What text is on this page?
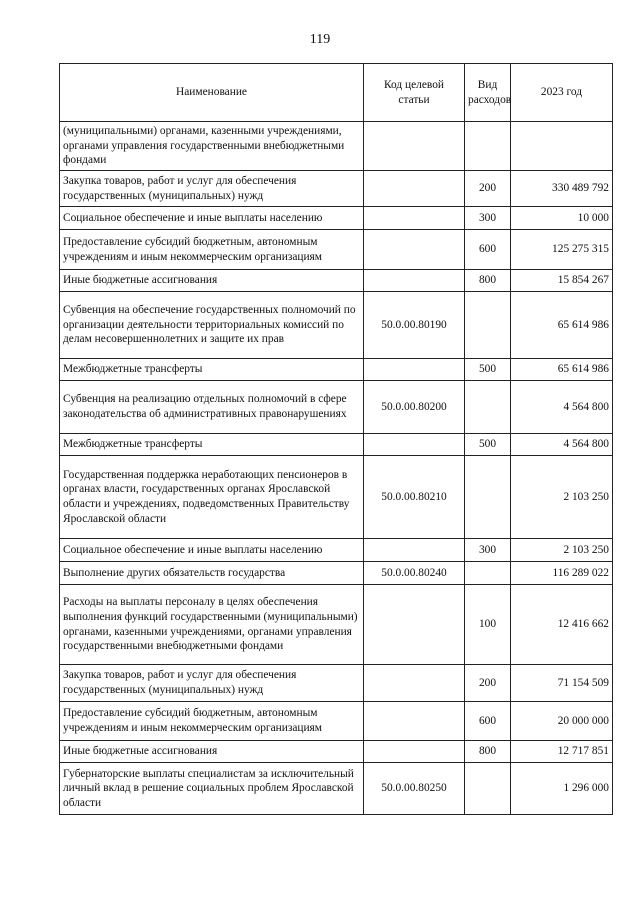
119
Наименование	Код целевой статьи	Вид расходов	2023 год
(муниципальными) органами, казенными учреждениями, органами управления государственными внебюджетными фондами			
Закупка товаров, работ и услуг для обеспечения государственных (муниципальных) нужд		200	330 489 792
Социальное обеспечение и иные выплаты населению		300	10 000
Предоставление субсидий бюджетным, автономным учреждениям и иным некоммерческим организациям		600	125 275 315
Иные бюджетные ассигнования		800	15 854 267
Субвенция на обеспечение государственных полномочий по организации деятельности территориальных комиссий по делам несовершеннолетних и защите их прав	50.0.00.80190		65 614 986
Межбюджетные трансферты		500	65 614 986
Субвенция на реализацию отдельных полномочий в сфере законодательства об административных правонарушениях	50.0.00.80200		4 564 800
Межбюджетные трансферты		500	4 564 800
Государственная поддержка неработающих пенсионеров в органах власти, государственных органах Ярославской области и учреждениях, подведомственных Правительству Ярославской области	50.0.00.80210		2 103 250
Социальное обеспечение и иные выплаты населению		300	2 103 250
Выполнение других обязательств государства	50.0.00.80240		116 289 022
Расходы на выплаты персоналу в целях обеспечения выполнения функций государственными (муниципальными) органами, казенными учреждениями, органами управления государственными внебюджетными фондами		100	12 416 662
Закупка товаров, работ и услуг для обеспечения государственных (муниципальных) нужд		200	71 154 509
Предоставление субсидий бюджетным, автономным учреждениям и иным некоммерческим организациям		600	20 000 000
Иные бюджетные ассигнования		800	12 717 851
Губернаторские выплаты специалистам за исключительный личный вклад в решение социальных проблем Ярославской области	50.0.00.80250		1 296 000
